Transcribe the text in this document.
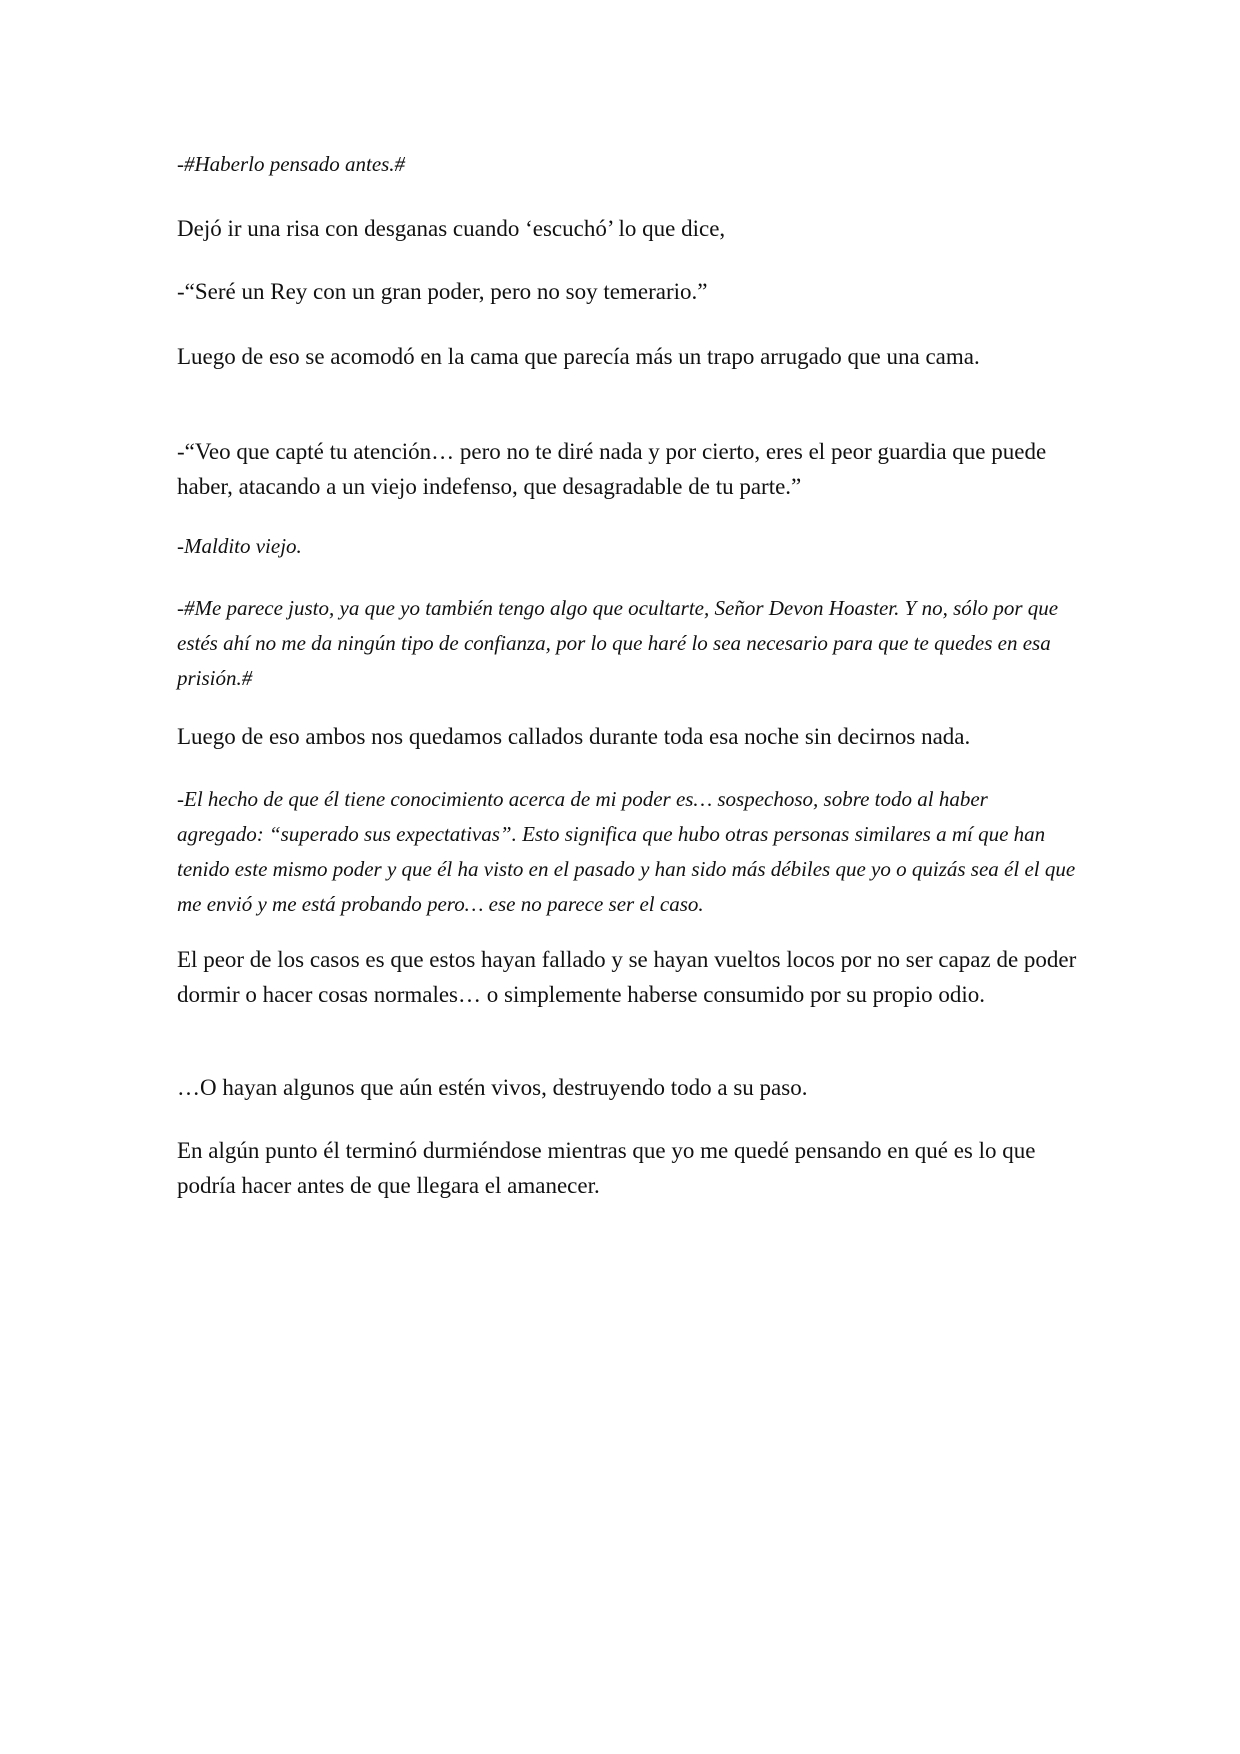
-#Haberlo pensado antes.#

Dejó ir una risa con desganas cuando ‘escuchó’ lo que dice,

-“Seré un Rey con un gran poder, pero no soy temerario.”

Luego de eso se acomodó en la cama que parecía más un trapo arrugado que una cama.

-“Veo que capté tu atención… pero no te diré nada y por cierto, eres el peor guardia que puede haber, atacando a un viejo indefenso, que desagradable de tu parte.”

-Maldito viejo.

-#Me parece justo, ya que yo también tengo algo que ocultarte, Señor Devon Hoaster. Y no, sólo por que estés ahí no me da ningún tipo de confianza, por lo que haré lo sea necesario para que te quedes en esa prisión.#

Luego de eso ambos nos quedamos callados durante toda esa noche sin decirnos nada.

-El hecho de que él tiene conocimiento acerca de mi poder es… sospechoso, sobre todo al haber agregado: “superado sus expectativas”. Esto significa que hubo otras personas similares a mí que han tenido este mismo poder y que él ha visto en el pasado y han sido más débiles que yo o quizás sea él el que me envió y me está probando pero… ese no parece ser el caso.

El peor de los casos es que estos hayan fallado y se hayan vueltos locos por no ser capaz de poder dormir o hacer cosas normales… o simplemente haberse consumido por su propio odio.

…O hayan algunos que aún estén vivos, destruyendo todo a su paso.

En algún punto él terminó durmiéndose mientras que yo me quedé pensando en qué es lo que podría hacer antes de que llegara el amanecer.
